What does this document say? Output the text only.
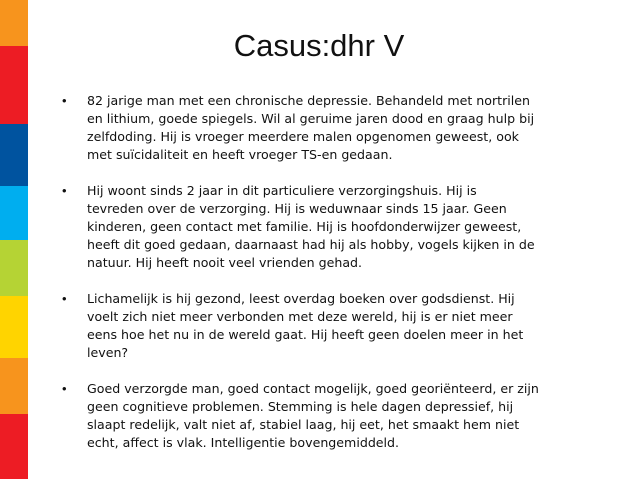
Casus:dhr V
• 82 jarige man met een chronische depressie. Behandeld met nortrilen
en lithium, goede spiegels. Wil al geruime jaren dood en graag hulp bij
zelfdoding. Hij is vroeger meerdere malen opgenomen geweest, ook
met suïcidaliteit en heeft vroeger TS-en gedaan.
• Hij woont sinds 2 jaar in dit particuliere verzorgingshuis. Hij is
tevreden over de verzorging. Hij is weduwnaar sinds 15 jaar. Geen
kinderen, geen contact met familie. Hij is hoofdonderwijzer geweest,
heeft dit goed gedaan, daarnaast had hij als hobby, vogels kijken in de
natuur. Hij heeft nooit veel vrienden gehad.
• Lichamelijk is hij gezond, leest overdag boeken over godsdienst. Hij
voelt zich niet meer verbonden met deze wereld, hij is er niet meer
eens hoe het nu in de wereld gaat. Hij heeft geen doelen meer in het
leven?
• Goed verzorgde man, goed contact mogelijk, goed georiënteerd, er zijn
geen cognitieve problemen. Stemming is hele dagen depressief, hij
slaapt redelijk, valt niet af, stabiel laag, hij eet, het smaakt hem niet
echt, affect is vlak. Intelligentie bovengemiddeld.
